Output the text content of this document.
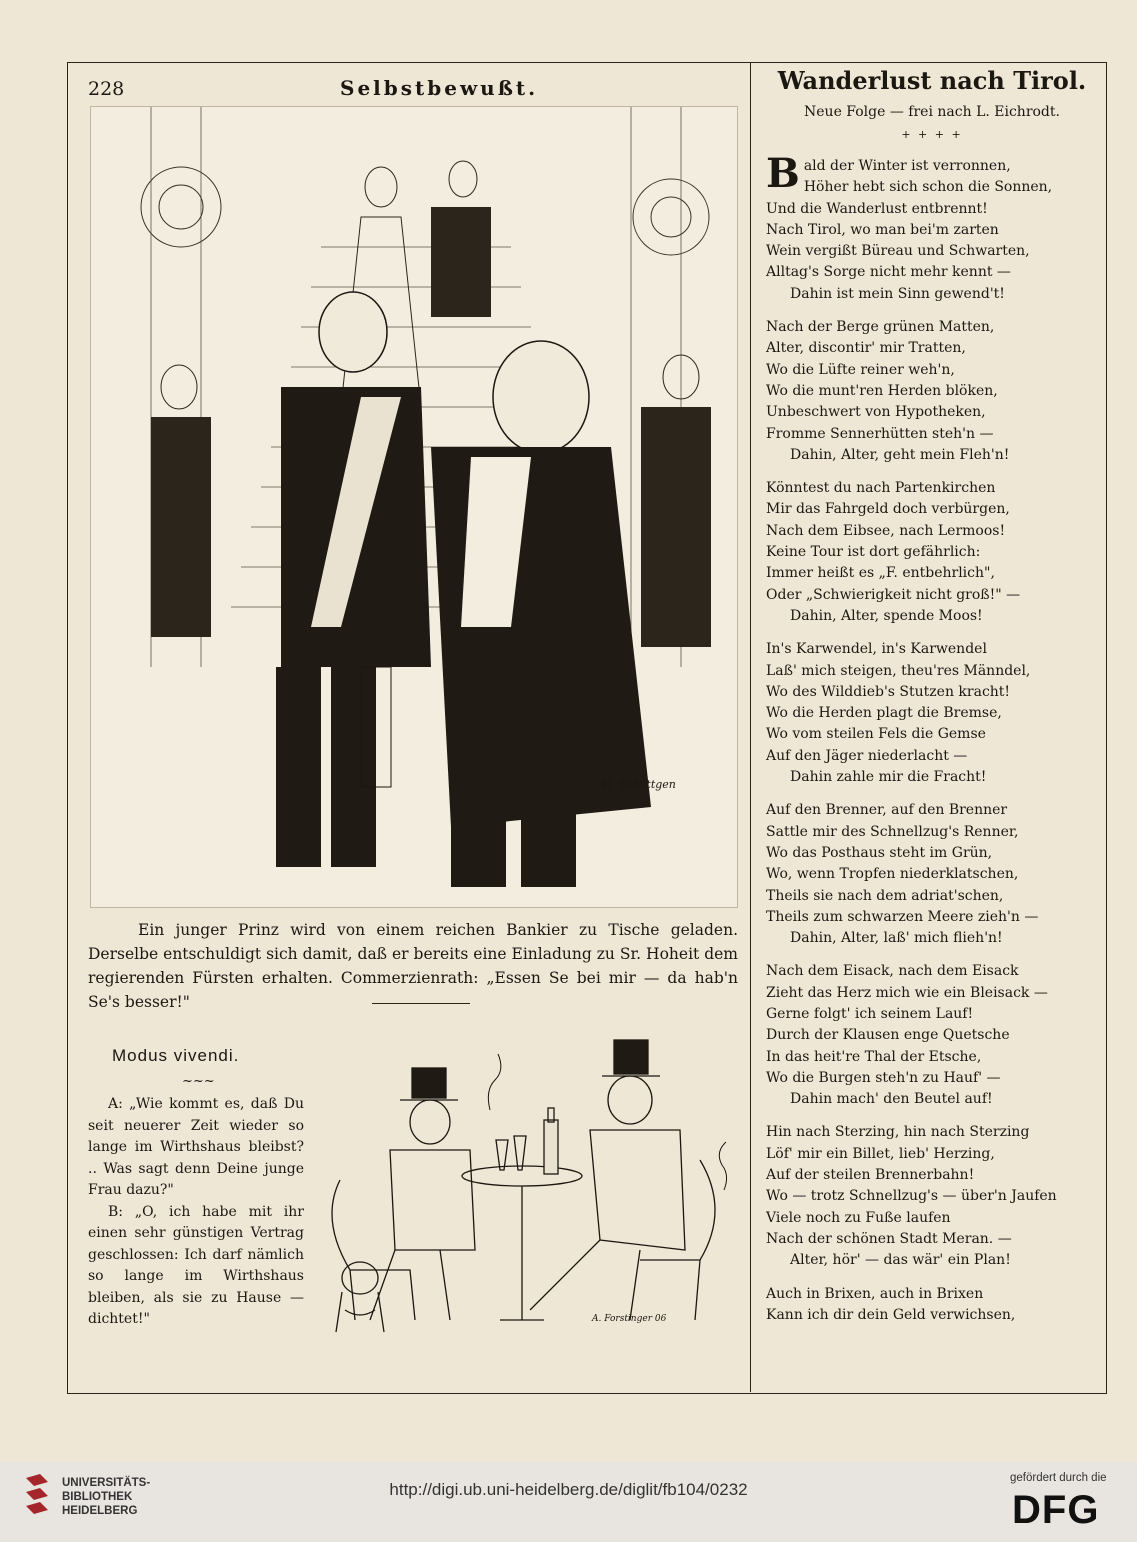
228	Selbstbewußt.
H. Schlittgen
Ein junger Prinz wird von einem reichen Bankier zu Tische geladen. Derselbe entschuldigt sich damit, daß er bereits eine Einladung zu Sr. Hoheit dem regierenden Fürsten erhalten. Commerzienrath: „Essen Se bei mir — da hab'n Se's besser!"
Modus vivendi.
~~~

A: „Wie kommt es, daß Du seit neuerer Zeit wieder so lange im Wirthshaus bleibst? .. Was sagt denn Deine junge Frau dazu?"

B: „O, ich habe mit ihr einen sehr günstigen Vertrag geschlossen: Ich darf nämlich so lange im Wirthshaus bleiben, als sie zu Hause — dichtet!"	A. Forstinger 06
Wanderlust nach Tirol.
Neue Folge — frei nach L. Eichrodt.
+ + + +
B ald der Winter ist verronnen,
Höher hebt sich schon die Sonnen,
Und die Wanderlust entbrennt!
Nach Tirol, wo man bei'm zarten
Wein vergißt Büreau und Schwarten,
Alltag's Sorge nicht mehr kennt —
Dahin ist mein Sinn gewend't!
Nach der Berge grünen Matten,
Alter, discontir' mir Tratten,
Wo die Lüfte reiner weh'n,
Wo die munt'ren Herden blöken,
Unbeschwert von Hypotheken,
Fromme Sennerhütten steh'n —
Dahin, Alter, geht mein Fleh'n!
Könntest du nach Partenkirchen
Mir das Fahrgeld doch verbürgen,
Nach dem Eibsee, nach Lermoos!
Keine Tour ist dort gefährlich:
Immer heißt es „F. entbehrlich",
Oder „Schwierigkeit nicht groß!" —
Dahin, Alter, spende Moos!
In's Karwendel, in's Karwendel
Laß' mich steigen, theu'res Männdel,
Wo des Wilddieb's Stutzen kracht!
Wo die Herden plagt die Bremse,
Wo vom steilen Fels die Gemse
Auf den Jäger niederlacht —
Dahin zahle mir die Fracht!
Auf den Brenner, auf den Brenner
Sattle mir des Schnellzug's Renner,
Wo das Posthaus steht im Grün,
Wo, wenn Tropfen niederklatschen,
Theils sie nach dem adriat'schen,
Theils zum schwarzen Meere zieh'n —
Dahin, Alter, laß' mich flieh'n!
Nach dem Eisack, nach dem Eisack
Zieht das Herz mich wie ein Bleisack —
Gerne folgt' ich seinem Lauf!
Durch der Klausen enge Quetsche
In das heit're Thal der Etsche,
Wo die Burgen steh'n zu Hauf' —
Dahin mach' den Beutel auf!
Hin nach Sterzing, hin nach Sterzing
Löf' mir ein Billet, lieb' Herzing,
Auf der steilen Brennerbahn!
Wo — trotz Schnellzug's — über'n Jaufen
Viele noch zu Fuße laufen
Nach der schönen Stadt Meran. —
Alter, hör' — das wär' ein Plan!
Auch in Brixen, auch in Brixen
Kann ich dir dein Geld verwichsen,
UNIVERSITÄTS-
BIBLIOTHEK
HEIDELBERG
http://digi.ub.uni-heidelberg.de/diglit/fb104/0232
gefördert durch die
DFG
